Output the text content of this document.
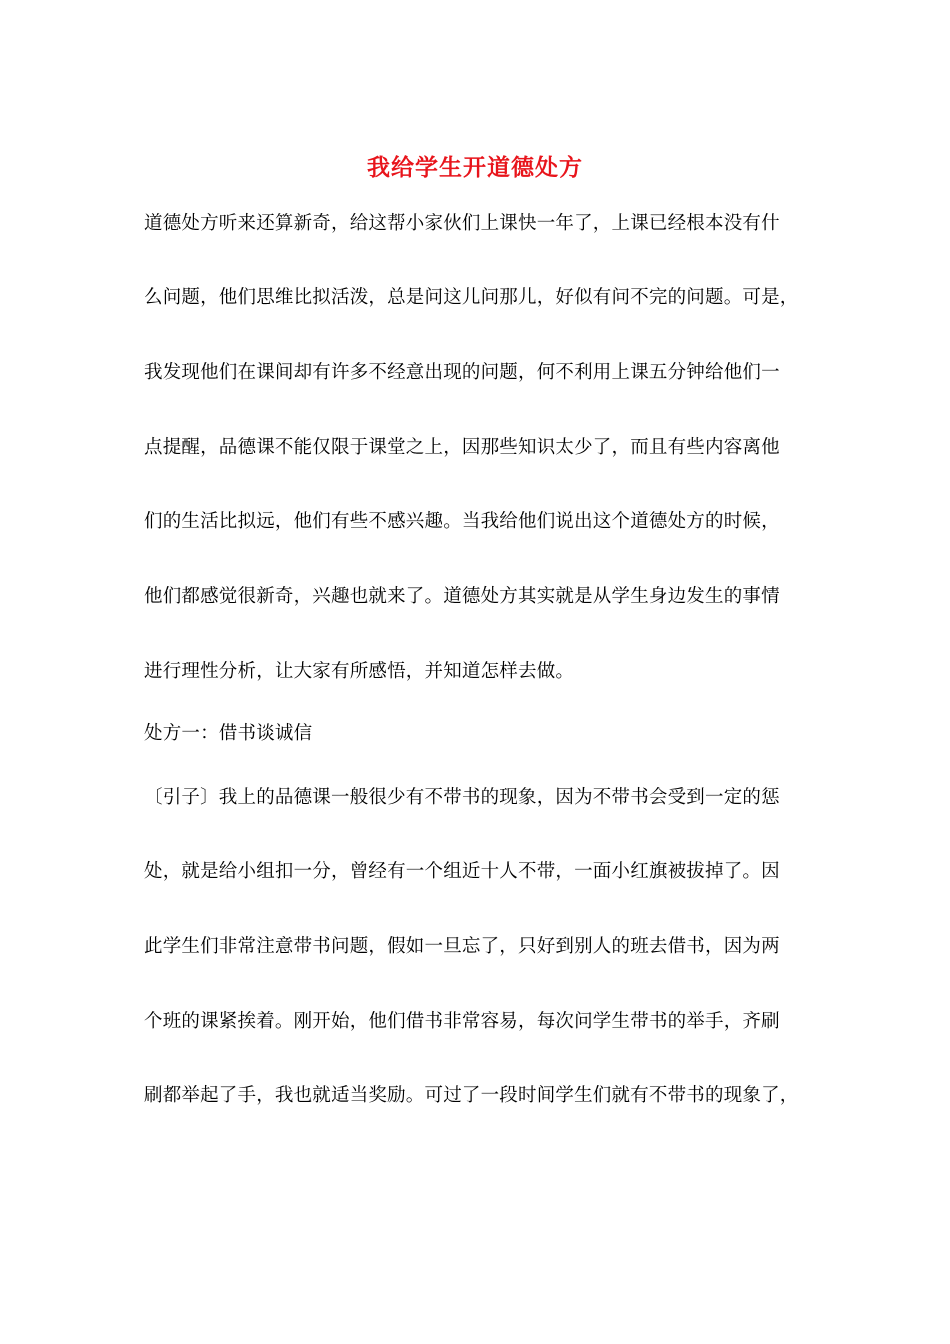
我给学生开道德处方
道德处方听来还算新奇，给这帮小家伙们上课快一年了，上课已经根本没有什
么问题，他们思维比拟活泼，总是问这儿问那儿，好似有问不完的问题。可是，
我发现他们在课间却有许多不经意出现的问题，何不利用上课五分钟给他们一
点提醒，品德课不能仅限于课堂之上，因那些知识太少了，而且有些内容离他
们的生活比拟远，他们有些不感兴趣。当我给他们说出这个道德处方的时候，
他们都感觉很新奇，兴趣也就来了。道德处方其实就是从学生身边发生的事情
进行理性分析，让大家有所感悟，并知道怎样去做。
处方一：借书谈诚信
〔引子〕我上的品德课一般很少有不带书的现象，因为不带书会受到一定的惩
处，就是给小组扣一分，曾经有一个组近十人不带，一面小红旗被拔掉了。因
此学生们非常注意带书问题，假如一旦忘了，只好到别人的班去借书，因为两
个班的课紧挨着。刚开始，他们借书非常容易，每次问学生带书的举手，齐刷
刷都举起了手，我也就适当奖励。可过了一段时间学生们就有不带书的现象了，
